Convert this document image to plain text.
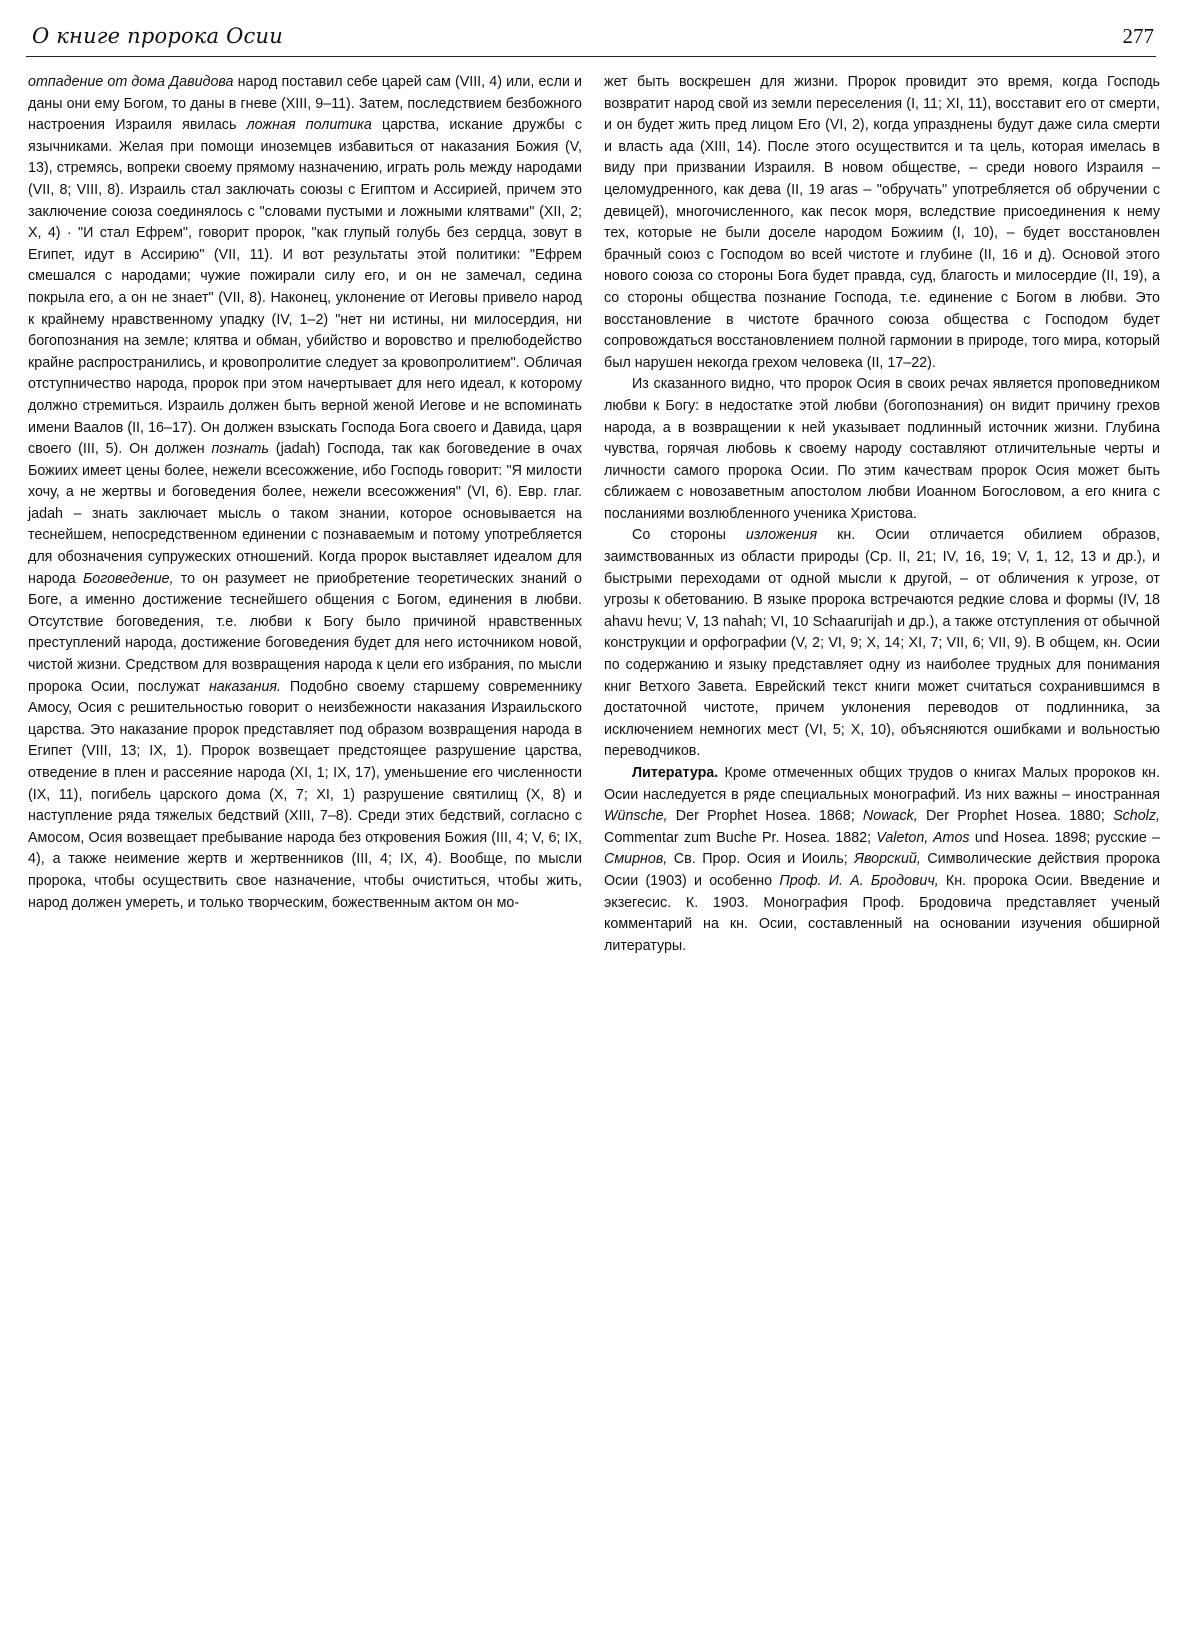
О книге пророка Осии	277

отпадение от дома Давидова народ поставил себе царей сам (VIII, 4) или, если и даны они ему Богом, то даны в гневе (XIII, 9–11). Затем, последствием безбожного настроения Израиля явилась ложная политика царства, искание дружбы с язычниками. Желая при помощи иноземцев избавиться от наказания Божия (V, 13), стремясь, вопреки своему прямому назначению, играть роль между народами (VII, 8; VIII, 8). Израиль стал заключать союзы с Египтом и Ассирией, причем это заключение союза соединялось с "словами пустыми и ложными клятвами" (XII, 2; X, 4) · "И стал Ефрем", говорит пророк, "как глупый голубь без сердца, зовут в Египет, идут в Ассирию" (VII, 11). И вот результаты этой политики: "Ефрем смешался с народами; чужие пожирали силу его, и он не замечал, седина покрыла его, а он не знает" (VII, 8). Наконец, уклонение от Иеговы привело народ к крайнему нравственному упадку (IV, 1–2) "нет ни истины, ни милосердия, ни богопознания на земле; клятва и обман, убийство и воровство и прелюбодейство крайне распространились, и кровопролитие следует за кровопролитием". Обличая отступничество народа, пророк при этом начертывает для него идеал, к которому должно стремиться. Израиль должен быть верной женой Иегове и не вспоминать имени Ваалов (II, 16–17). Он должен взыскать Господа Бога своего и Давида, царя своего (III, 5). Он должен познать (jadah) Господа, так как боговедение в очах Божиих имеет цены более, нежели всесожжение, ибо Господь говорит: "Я милости хочу, а не жертвы и боговедения более, нежели всесожжения" (VI, 6). Евр. глаг. jadah – знать заключает мысль о таком знании, которое основывается на теснейшем, непосредственном единении с познаваемым и потому употребляется для обозначения супружеских отношений. Когда пророк выставляет идеалом для народа Боговедение, то он разумеет не приобретение теоретических знаний о Боге, а именно достижение теснейшего общения с Богом, единения в любви. Отсутствие боговедения, т.е. любви к Богу было причиной нравственных преступлений народа, достижение боговедения будет для него источником новой, чистой жизни. Средством для возвращения народа к цели его избрания, по мысли пророка Осии, послужат наказания. Подобно своему старшему современнику Амосу, Осия с решительностью говорит о неизбежности наказания Израильского царства. Это наказание пророк представляет под образом возвращения народа в Египет (VIII, 13; IX, 1). Пророк возвещает предстоящее разрушение царства, отведение в плен и рассеяние народа (XI, 1; IX, 17), уменьшение его численности (IX, 11), погибель царского дома (X, 7; XI, 1) разрушение святилищ (X, 8) и наступление ряда тяжелых бедствий (XIII, 7–8). Среди этих бедствий, согласно с Амосом, Осия возвещает пребывание народа без откровения Божия (III, 4; V, 6; IX, 4), а также неимение жертв и жертвенников (III, 4; IX, 4). Вообще, по мысли пророка, чтобы осуществить свое назначение, чтобы очиститься, чтобы жить, народ должен умереть, и только творческим, божественным актом он мо-

жет быть воскрешен для жизни. Пророк провидит это время, когда Господь возвратит народ свой из земли переселения (I, 11; XI, 11), восставит его от смерти, и он будет жить пред лицом Его (VI, 2), когда упразднены будут даже сила смерти и власть ада (XIII, 14). После этого осуществится и та цель, которая имелась в виду при призвании Израиля. В новом обществе, – среди нового Израиля – целомудренного, как дева (II, 19 aras – "обручать" употребляется об обручении с девицей), многочисленного, как песок моря, вследствие присоединения к нему тех, которые не были доселе народом Божиим (I, 10), – будет восстановлен брачный союз с Господом во всей чистоте и глубине (II, 16 и д). Основой этого нового союза со стороны Бога будет правда, суд, благость и милосердие (II, 19), а со стороны общества познание Господа, т.е. единение с Богом в любви. Это восстановление в чистоте брачного союза общества с Господом будет сопровождаться восстановлением полной гармонии в природе, того мира, который был нарушен некогда грехом человека (II, 17–22).

Из сказанного видно, что пророк Осия в своих речах является проповедником любви к Богу: в недостатке этой любви (богопознания) он видит причину грехов народа, а в возвращении к ней указывает подлинный источник жизни. Глубина чувства, горячая любовь к своему народу составляют отличительные черты и личности самого пророка Осии. По этим качествам пророк Осия может быть сближаем с новозаветным апостолом любви Иоанном Богословом, а его книга с посланиями возлюбленного ученика Христова.

Со стороны изложения кн. Осии отличается обилием образов, заимствованных из области природы (Ср. II, 21; IV, 16, 19; V, 1, 12, 13 и др.), и быстрыми переходами от одной мысли к другой, – от обличения к угрозе, от угрозы к обетованию. В языке пророка встречаются редкие слова и формы (IV, 18 ahavu hevu; V, 13 nahah; VI, 10 Schaarurijah и др.), а также отступления от обычной конструкции и орфографии (V, 2; VI, 9; X, 14; XI, 7; VII, 6; VII, 9). В общем, кн. Осии по содержанию и языку представляет одну из наиболее трудных для понимания книг Ветхого Завета. Еврейский текст книги может считаться сохранившимся в достаточной чистоте, причем уклонения переводов от подлинника, за исключением немногих мест (VI, 5; X, 10), объясняются ошибками и вольностью переводчиков.

Литература. Кроме отмеченных общих трудов о книгах Малых пророков кн. Осии наследуется в ряде специальных монографий. Из них важны – иностранная Wünsche, Der Prophet Hosea. 1868; Nowack, Der Prophet Hosea. 1880; Scholz, Commentar zum Buche Pr. Hosea. 1882; Valeton, Amos und Hosea. 1898; русские – Смирнов, Св. Прор. Осия и Иоиль; Яворский, Символические действия пророка Осии (1903) и особенно Проф. И. А. Бродович, Кн. пророка Осии. Введение и экзегесис. К. 1903. Монография Проф. Бродовича представляет ученый комментарий на кн. Осии, составленный на основании изучения обширной литературы.
